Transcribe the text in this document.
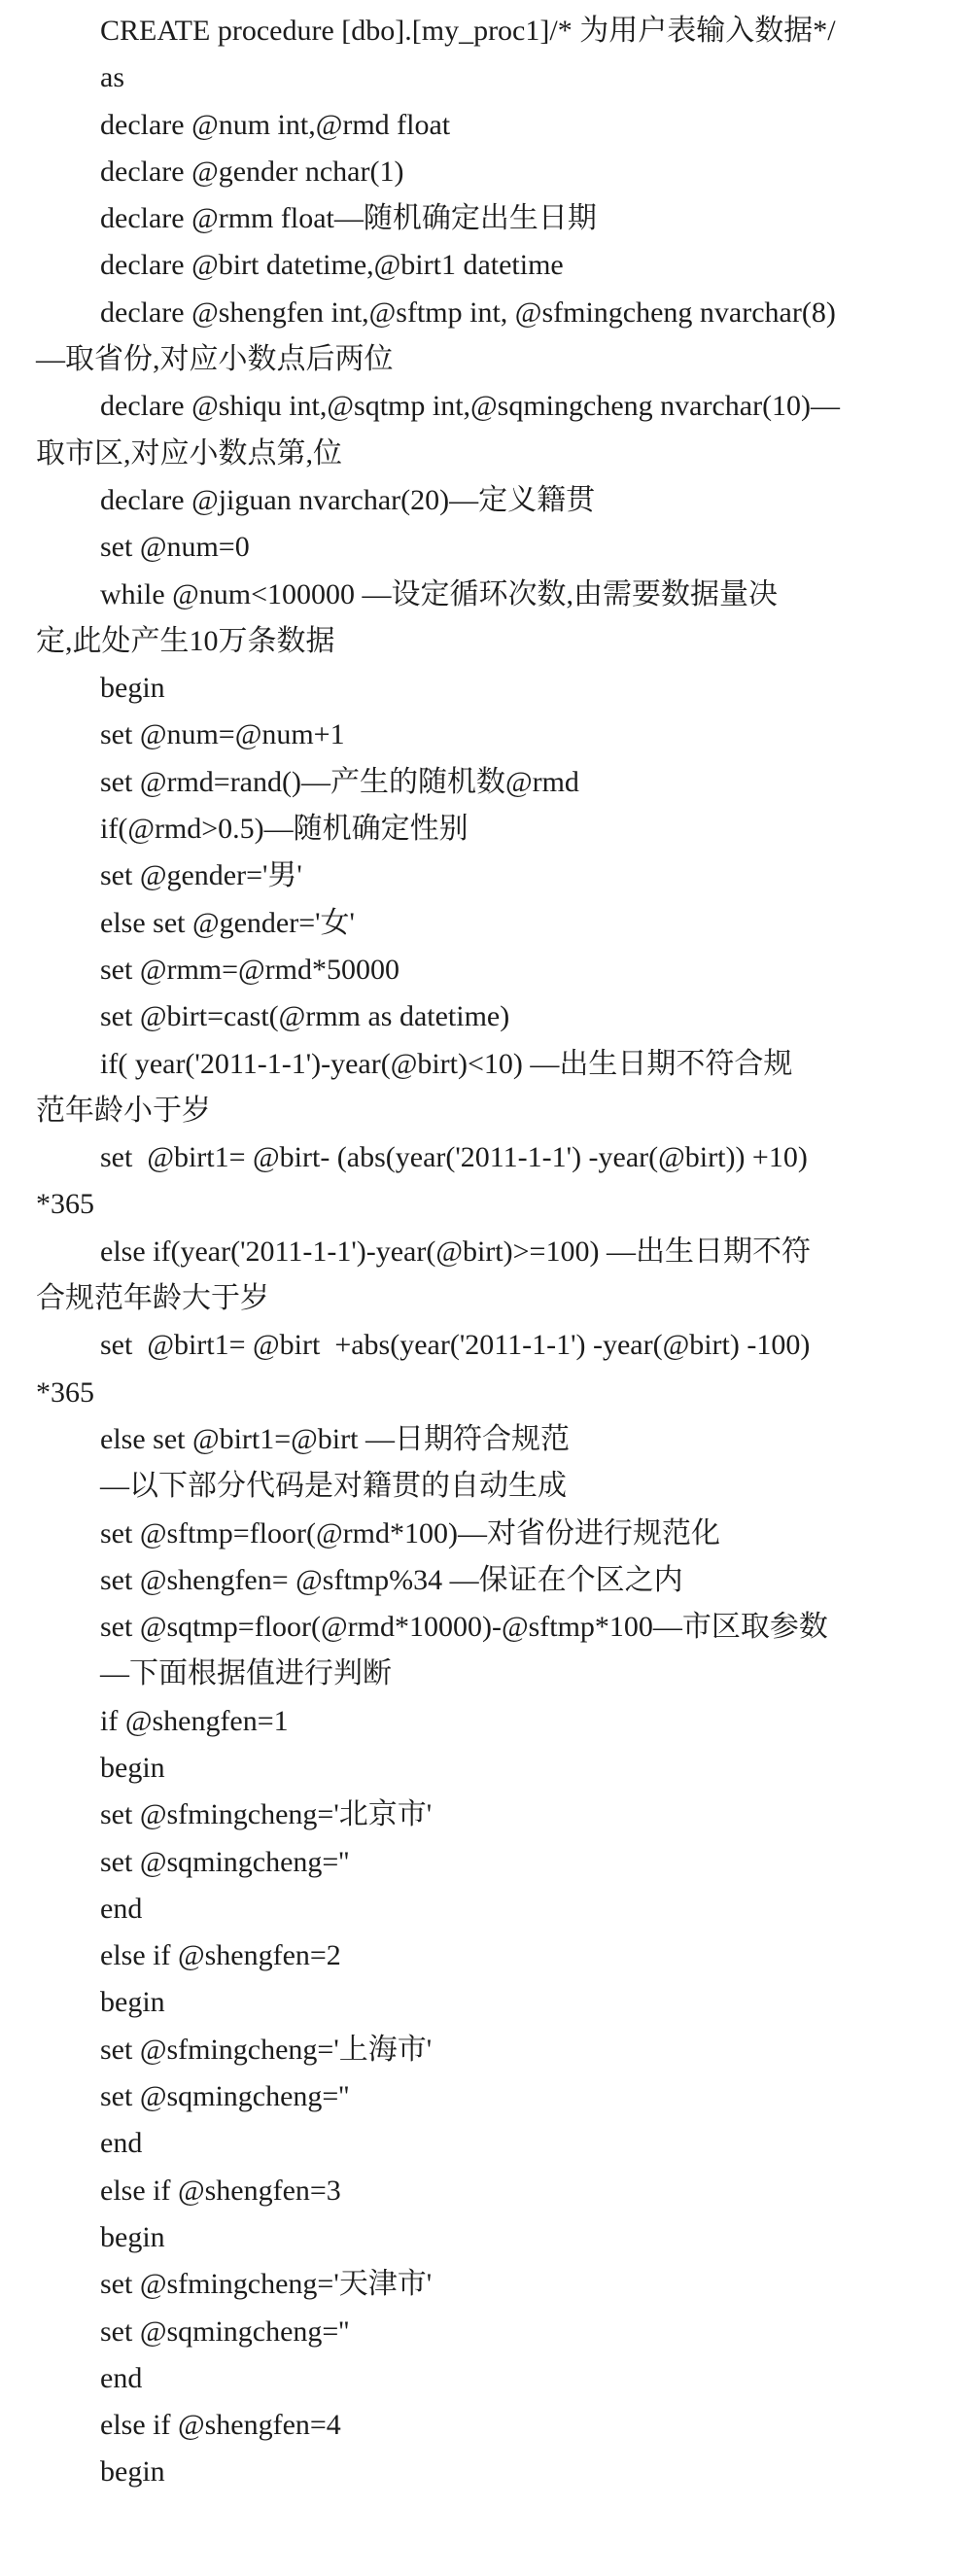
CREATE procedure [dbo].[my_proc1]/* 为用户表输入数据*/
as
declare @num int,@rmd float
declare @gender nchar(1)
declare @rmm float—随机确定出生日期
declare @birt datetime,@birt1 datetime
declare @shengfen int,@sftmp int, @sfmingcheng nvarchar(8)
—取省份,对应小数点后两位
declare @shiqu int,@sqtmp int,@sqmingcheng nvarchar(10)—
取市区,对应小数点第,位
declare @jiguan nvarchar(20)—定义籍贯
set @num=0
while @num<100000 —设定循环次数,由需要数据量决
定,此处产生10万条数据
begin
set @num=@num+1
set @rmd=rand()—产生的随机数@rmd
if(@rmd>0.5)—随机确定性别
set @gender='男'
else set @gender='女'
set @rmm=@rmd*50000
set @birt=cast(@rmm as datetime)
if( year('2011-1-1')-year(@birt)<10) —出生日期不符合规
范年龄小于岁
set  @birt1= @birt- (abs(year('2011-1-1') -year(@birt)) +10)
*365
else if(year('2011-1-1')-year(@birt)>=100) —出生日期不符
合规范年龄大于岁
set  @birt1= @birt  +abs(year('2011-1-1') -year(@birt) -100)
*365
else set @birt1=@birt —日期符合规范
—以下部分代码是对籍贯的自动生成
set @sftmp=floor(@rmd*100)—对省份进行规范化
set @shengfen= @sftmp%34 —保证在个区之内
set @sqtmp=floor(@rmd*10000)-@sftmp*100—市区取参数
—下面根据值进行判断
if @shengfen=1
begin
set @sfmingcheng='北京市'
set @sqmingcheng=''
end
else if @shengfen=2
begin
set @sfmingcheng='上海市'
set @sqmingcheng=''
end
else if @shengfen=3
begin
set @sfmingcheng='天津市'
set @sqmingcheng=''
end
else if @shengfen=4
begin
